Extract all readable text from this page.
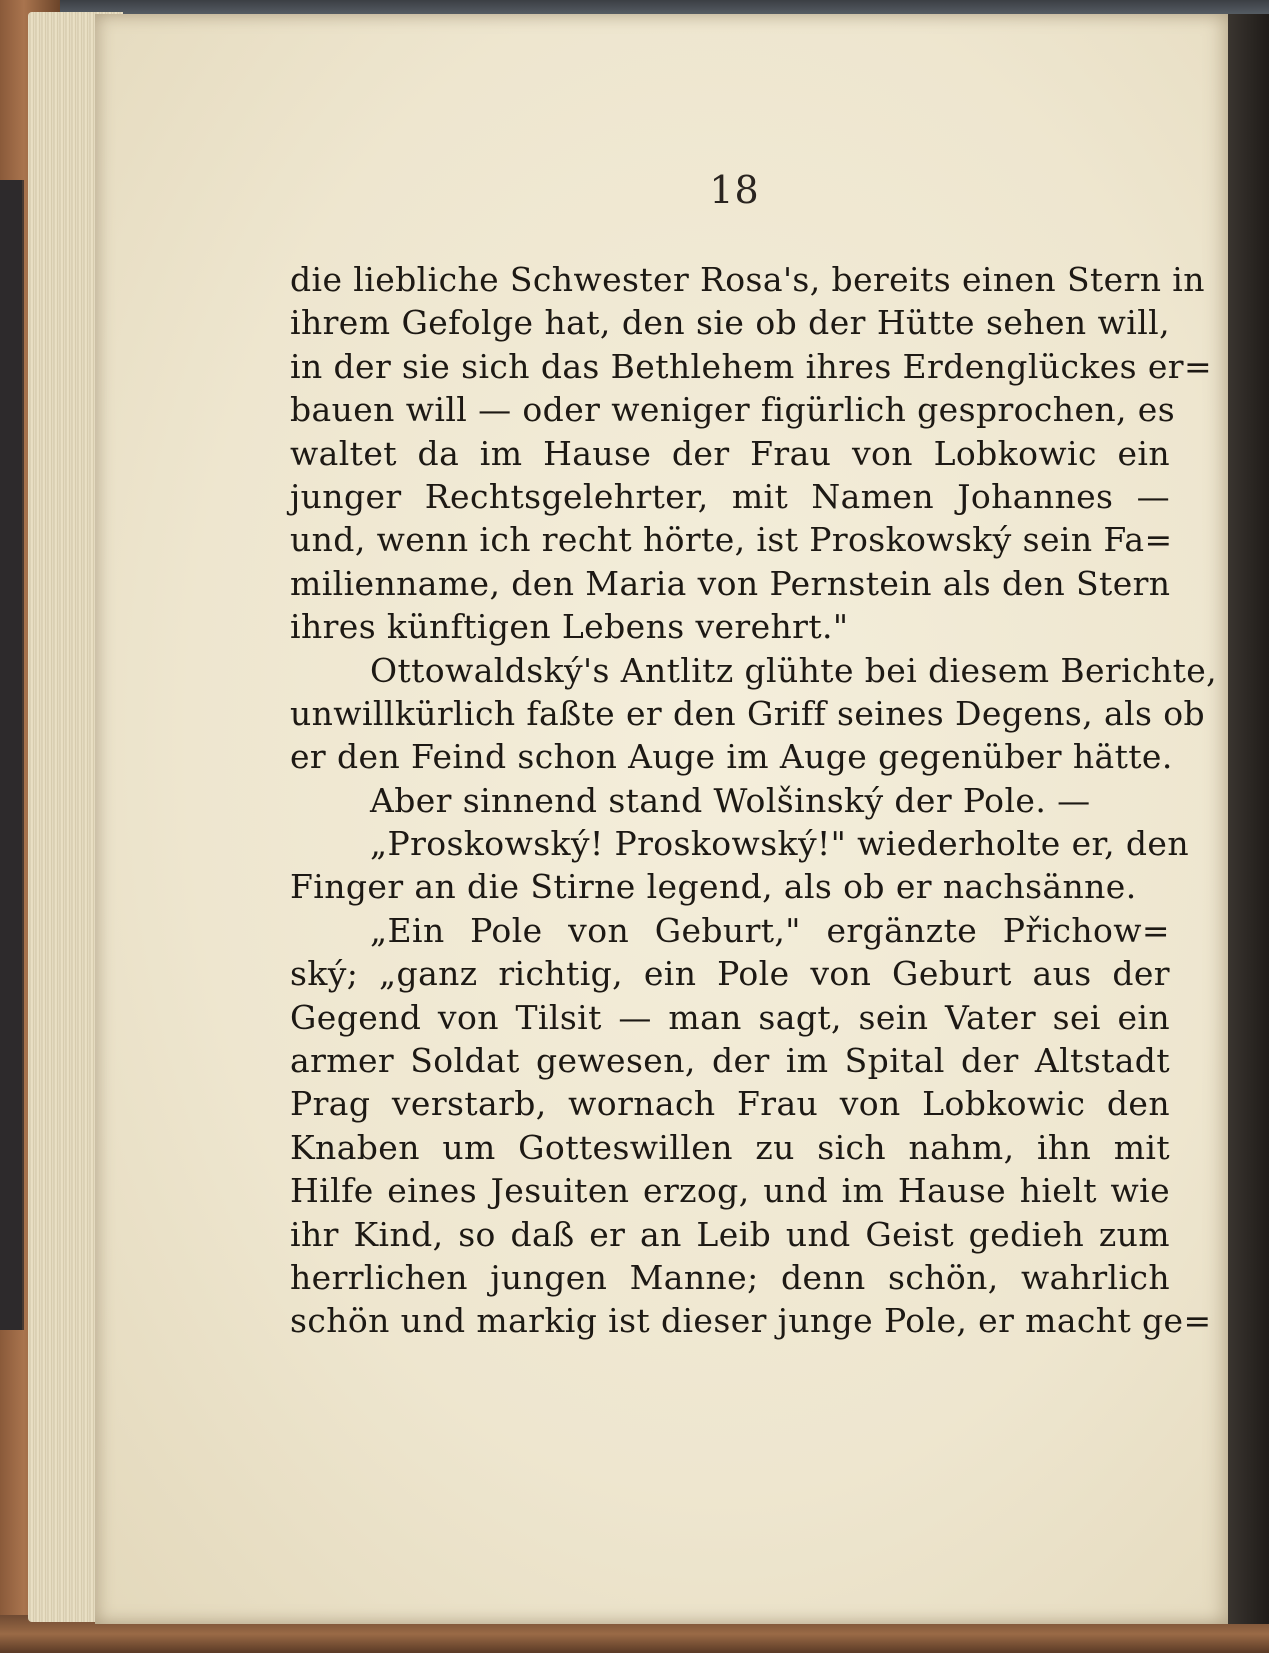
18
die liebliche Schwester Rosa's, bereits einen Stern in
ihrem Gefolge hat, den sie ob der Hütte sehen will,
in der sie sich das Bethlehem ihres Erdenglückes er=
bauen will — oder weniger figürlich gesprochen, es
waltet da im Hause der Frau von Lobkowic ein
junger Rechtsgelehrter, mit Namen Johannes —
und, wenn ich recht hörte, ist Proskowský sein Fa=
milienname, den Maria von Pernstein als den Stern
ihres künftigen Lebens verehrt."
Ottowaldský's Antlitz glühte bei diesem Berichte,
unwillkürlich faßte er den Griff seines Degens, als ob
er den Feind schon Auge im Auge gegenüber hätte.
Aber sinnend stand Wolšinský der Pole. —
„Proskowský! Proskowský!" wiederholte er, den
Finger an die Stirne legend, als ob er nachsänne.
„Ein Pole von Geburt," ergänzte Přichow=
ský; „ganz richtig, ein Pole von Geburt aus der
Gegend von Tilsit — man sagt, sein Vater sei ein
armer Soldat gewesen, der im Spital der Altstadt
Prag verstarb, wornach Frau von Lobkowic den
Knaben um Gotteswillen zu sich nahm, ihn mit
Hilfe eines Jesuiten erzog, und im Hause hielt wie
ihr Kind, so daß er an Leib und Geist gedieh zum
herrlichen jungen Manne; denn schön, wahrlich
schön und markig ist dieser junge Pole, er macht ge=
